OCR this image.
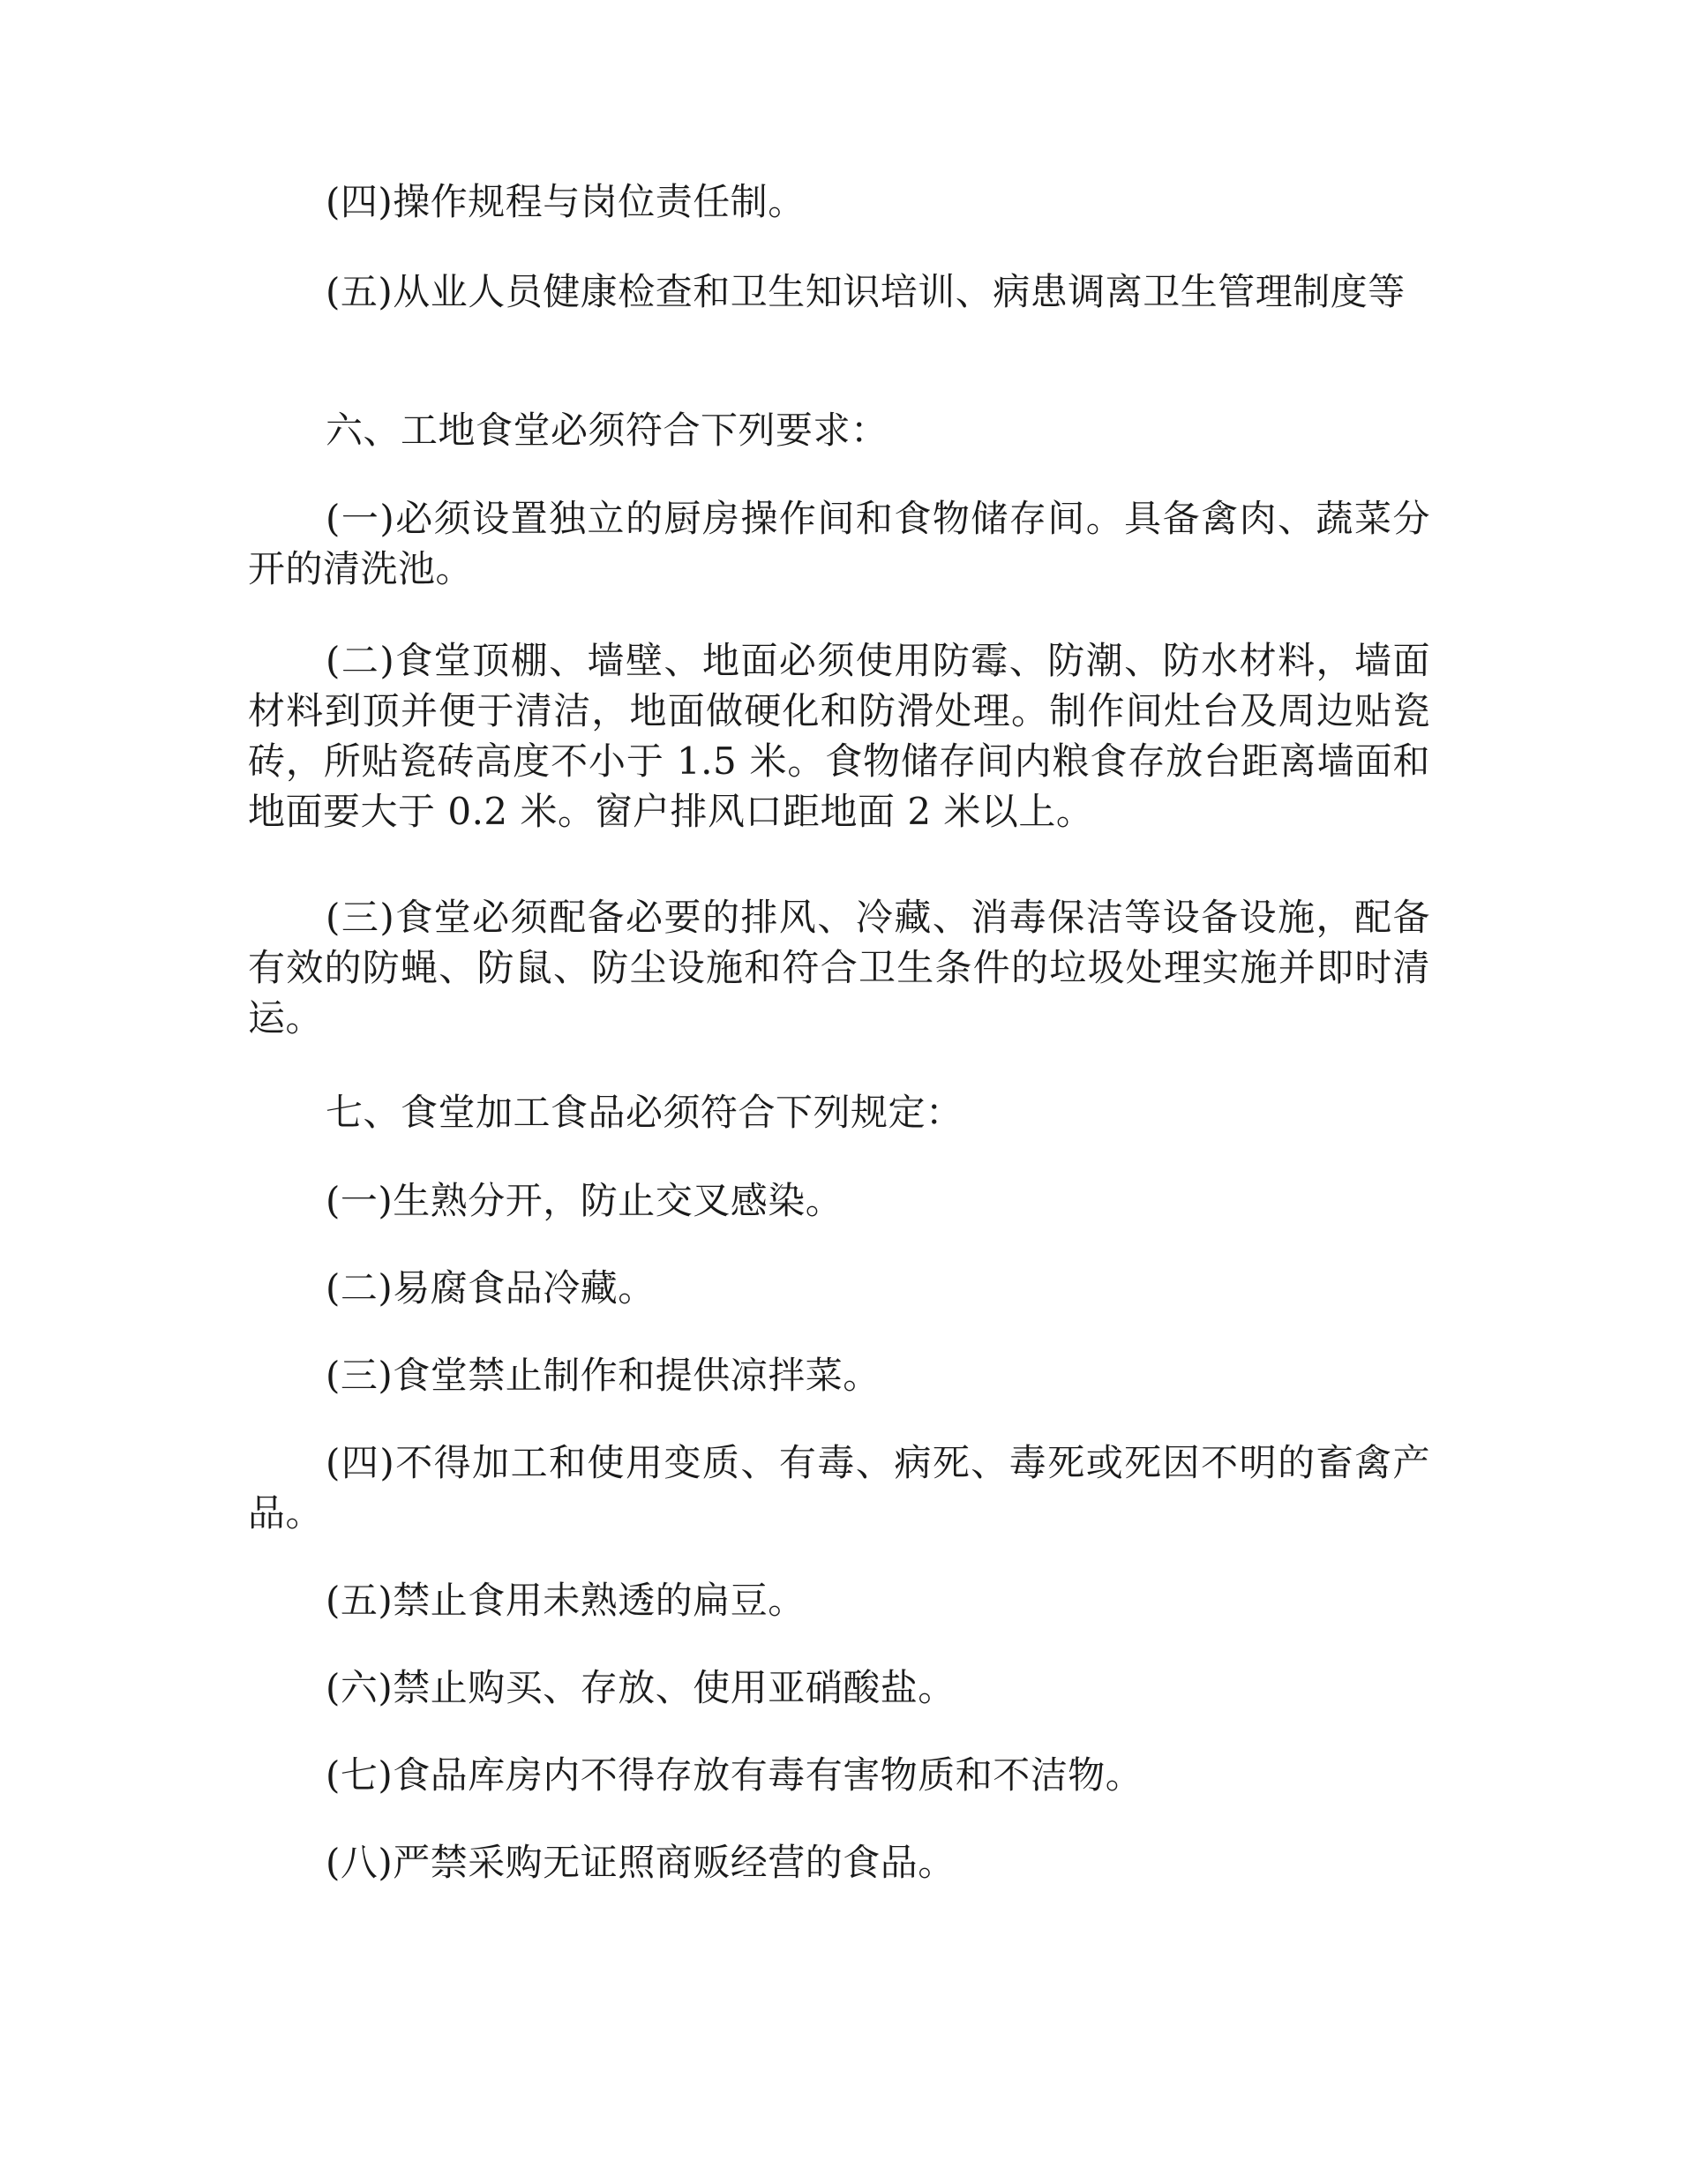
(四)操作规程与岗位责任制。

(五)从业人员健康检查和卫生知识培训、病患调离卫生管理制度等

六、工地食堂必须符合下列要求：

(一)必须设置独立的厨房操作间和食物储存间。具备禽肉、蔬菜分开的清洗池。

(二)食堂顶棚、墙壁、地面必须使用防霉、防潮、防水材料，墙面材料到顶并便于清洁，地面做硬化和防滑处理。制作间灶台及周边贴瓷砖，所贴瓷砖高度不小于 1.5 米。食物储存间内粮食存放台距离墙面和地面要大于 0.2 米。窗户排风口距地面 2 米以上。

(三)食堂必须配备必要的排风、冷藏、消毒保洁等设备设施，配备有效的防蝇、防鼠、防尘设施和符合卫生条件的垃圾处理实施并即时清运。

七、食堂加工食品必须符合下列规定：

(一)生熟分开，防止交叉感染。

(二)易腐食品冷藏。

(三)食堂禁止制作和提供凉拌菜。

(四)不得加工和使用变质、有毒、病死、毒死或死因不明的畜禽产品。

(五)禁止食用未熟透的扁豆。

(六)禁止购买、存放、使用亚硝酸盐。

(七)食品库房内不得存放有毒有害物质和不洁物。

(八)严禁采购无证照商贩经营的食品。
